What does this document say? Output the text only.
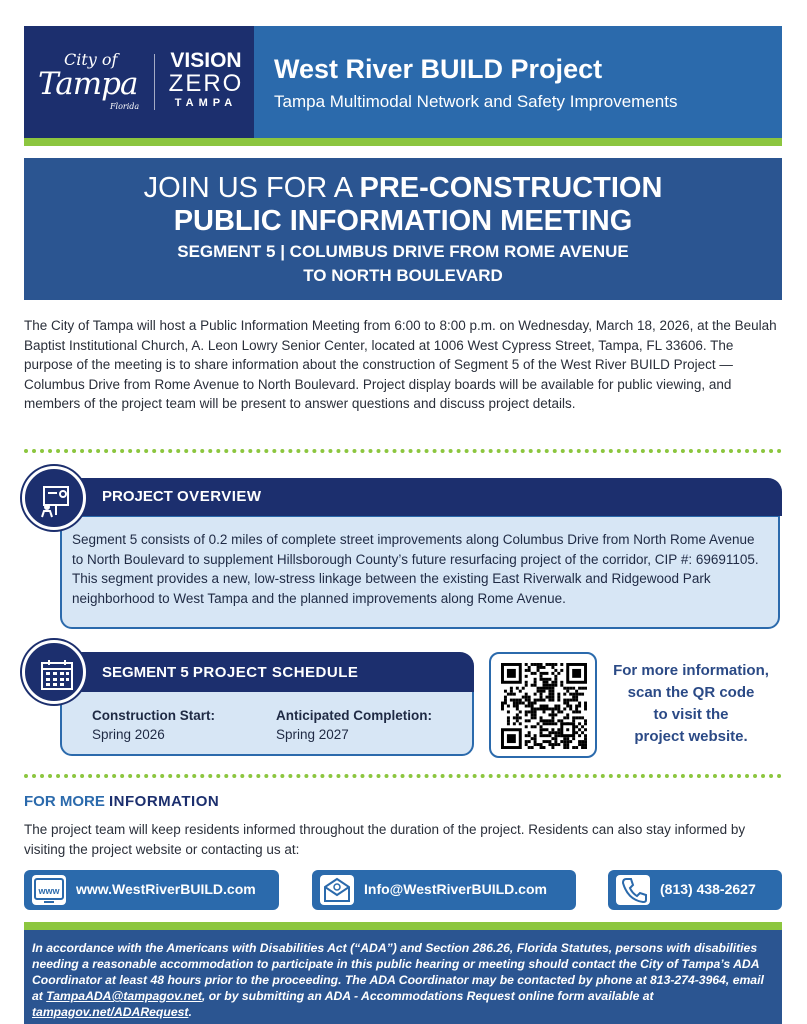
City of
Tampa
Florida
VISION
ZERO
TAMPA
West River BUILD Project
Tampa Multimodal Network and Safety Improvements
JOIN US FOR A PRE-CONSTRUCTION
PUBLIC INFORMATION MEETING
SEGMENT 5 | COLUMBUS DRIVE FROM ROME AVENUE
TO NORTH BOULEVARD
The City of Tampa will host a Public Information Meeting from 6:00 to 8:00 p.m. on Wednesday, March 18, 2026, at the Beulah Baptist Institutional Church, A. Leon Lowry Senior Center, located at 1006 West Cypress Street, Tampa, FL 33606. The purpose of the meeting is to share information about the construction of Segment 5 of the West River BUILD Project — Columbus Drive from Rome Avenue to North Boulevard. Project display boards will be available for public viewing, and members of the project team will be present to answer questions and discuss project details.
PROJECT OVERVIEW
Segment 5 consists of 0.2 miles of complete street improvements along Columbus Drive from North Rome Avenue to North Boulevard to supplement Hillsborough County’s future resurfacing project of the corridor, CIP #: 69691105. This segment provides a new, low-stress linkage between the existing East Riverwalk and Ridgewood Park neighborhood to West Tampa and the planned improvements along Rome Avenue.
SEGMENT 5 PROJECT SCHEDULE
Construction Start:
Spring 2026
Anticipated Completion:
Spring 2027
For more information,
scan the QR code
to visit the
project website.
FOR MORE INFORMATION
The project team will keep residents informed throughout the duration of the project. Residents can also stay informed by visiting the project website or contacting us at:
www www.WestRiverBUILD.com	Info@WestRiverBUILD.com	(813) 438-2627
In accordance with the Americans with Disabilities Act (“ADA”) and Section 286.26, Florida Statutes, persons with disabilities needing a reasonable accommodation to participate in this public hearing or meeting should contact the City of Tampa’s ADA Coordinator at least 48 hours prior to the proceeding. The ADA Coordinator may be contacted by phone at 813-274-3964, email at TampaADA@tampagov.net, or by submitting an ADA - Accommodations Request online form available at tampagov.net/ADARequest.
